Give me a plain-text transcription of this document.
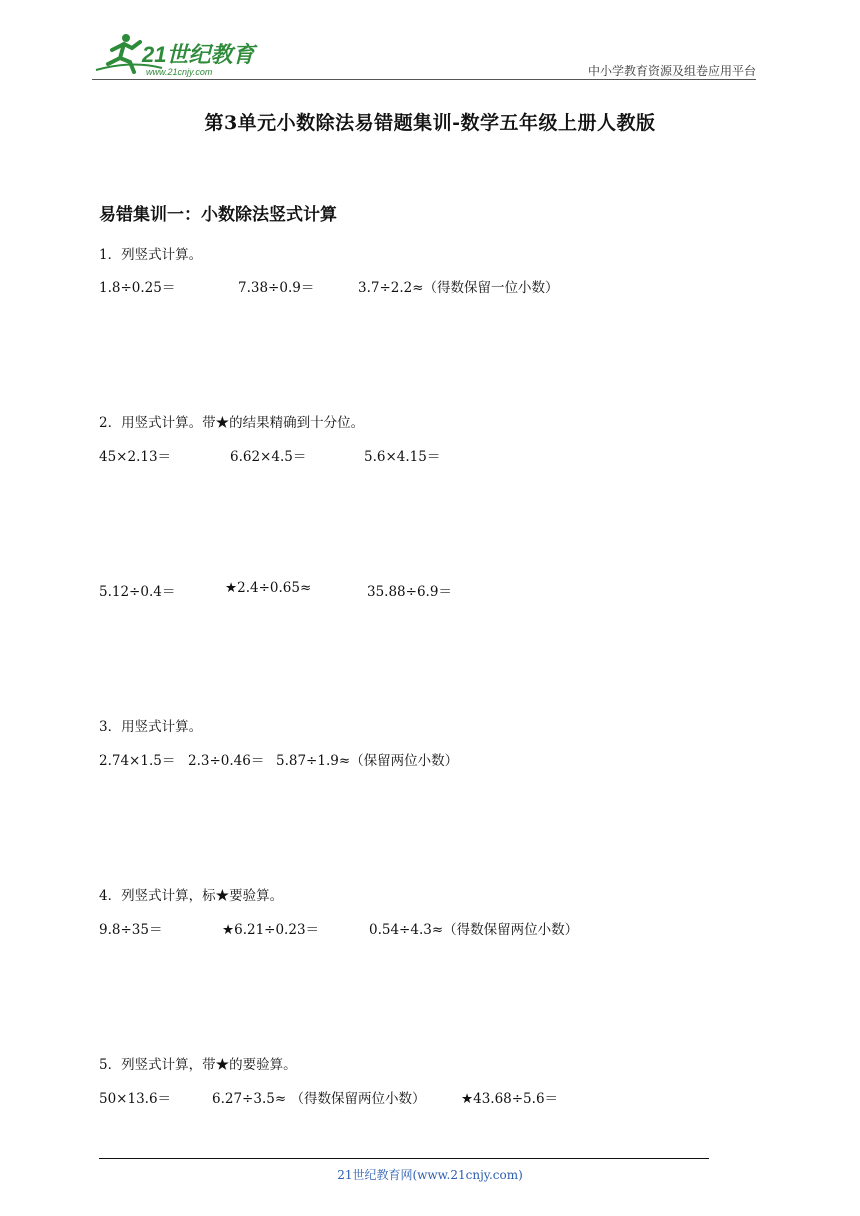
21世纪教育
www.21cnjy.com	中小学教育资源及组卷应用平台
第3单元小数除法易错题集训-数学五年级上册人教版
易错集训一：小数除法竖式计算
1．列竖式计算。
1.8÷0.25＝	7.38÷0.9＝	3.7÷2.2≈（得数保留一位小数）
2．用竖式计算。带★的结果精确到十分位。
45×2.13＝	6.62×4.5＝	5.6×4.15＝
5.12÷0.4＝	★2.4÷0.65≈	35.88÷6.9＝
3．用竖式计算。
2.74×1.5＝ 2.3÷0.46＝ 5.87÷1.9≈（保留两位小数）
4．列竖式计算，标★要验算。
9.8÷35＝	★6.21÷0.23＝	0.54÷4.3≈（得数保留两位小数）
5．列竖式计算，带★的要验算。
50×13.6＝	6.27÷3.5≈ （得数保留两位小数）	★43.68÷5.6＝
21世纪教育网(www.21cnjy.com)
